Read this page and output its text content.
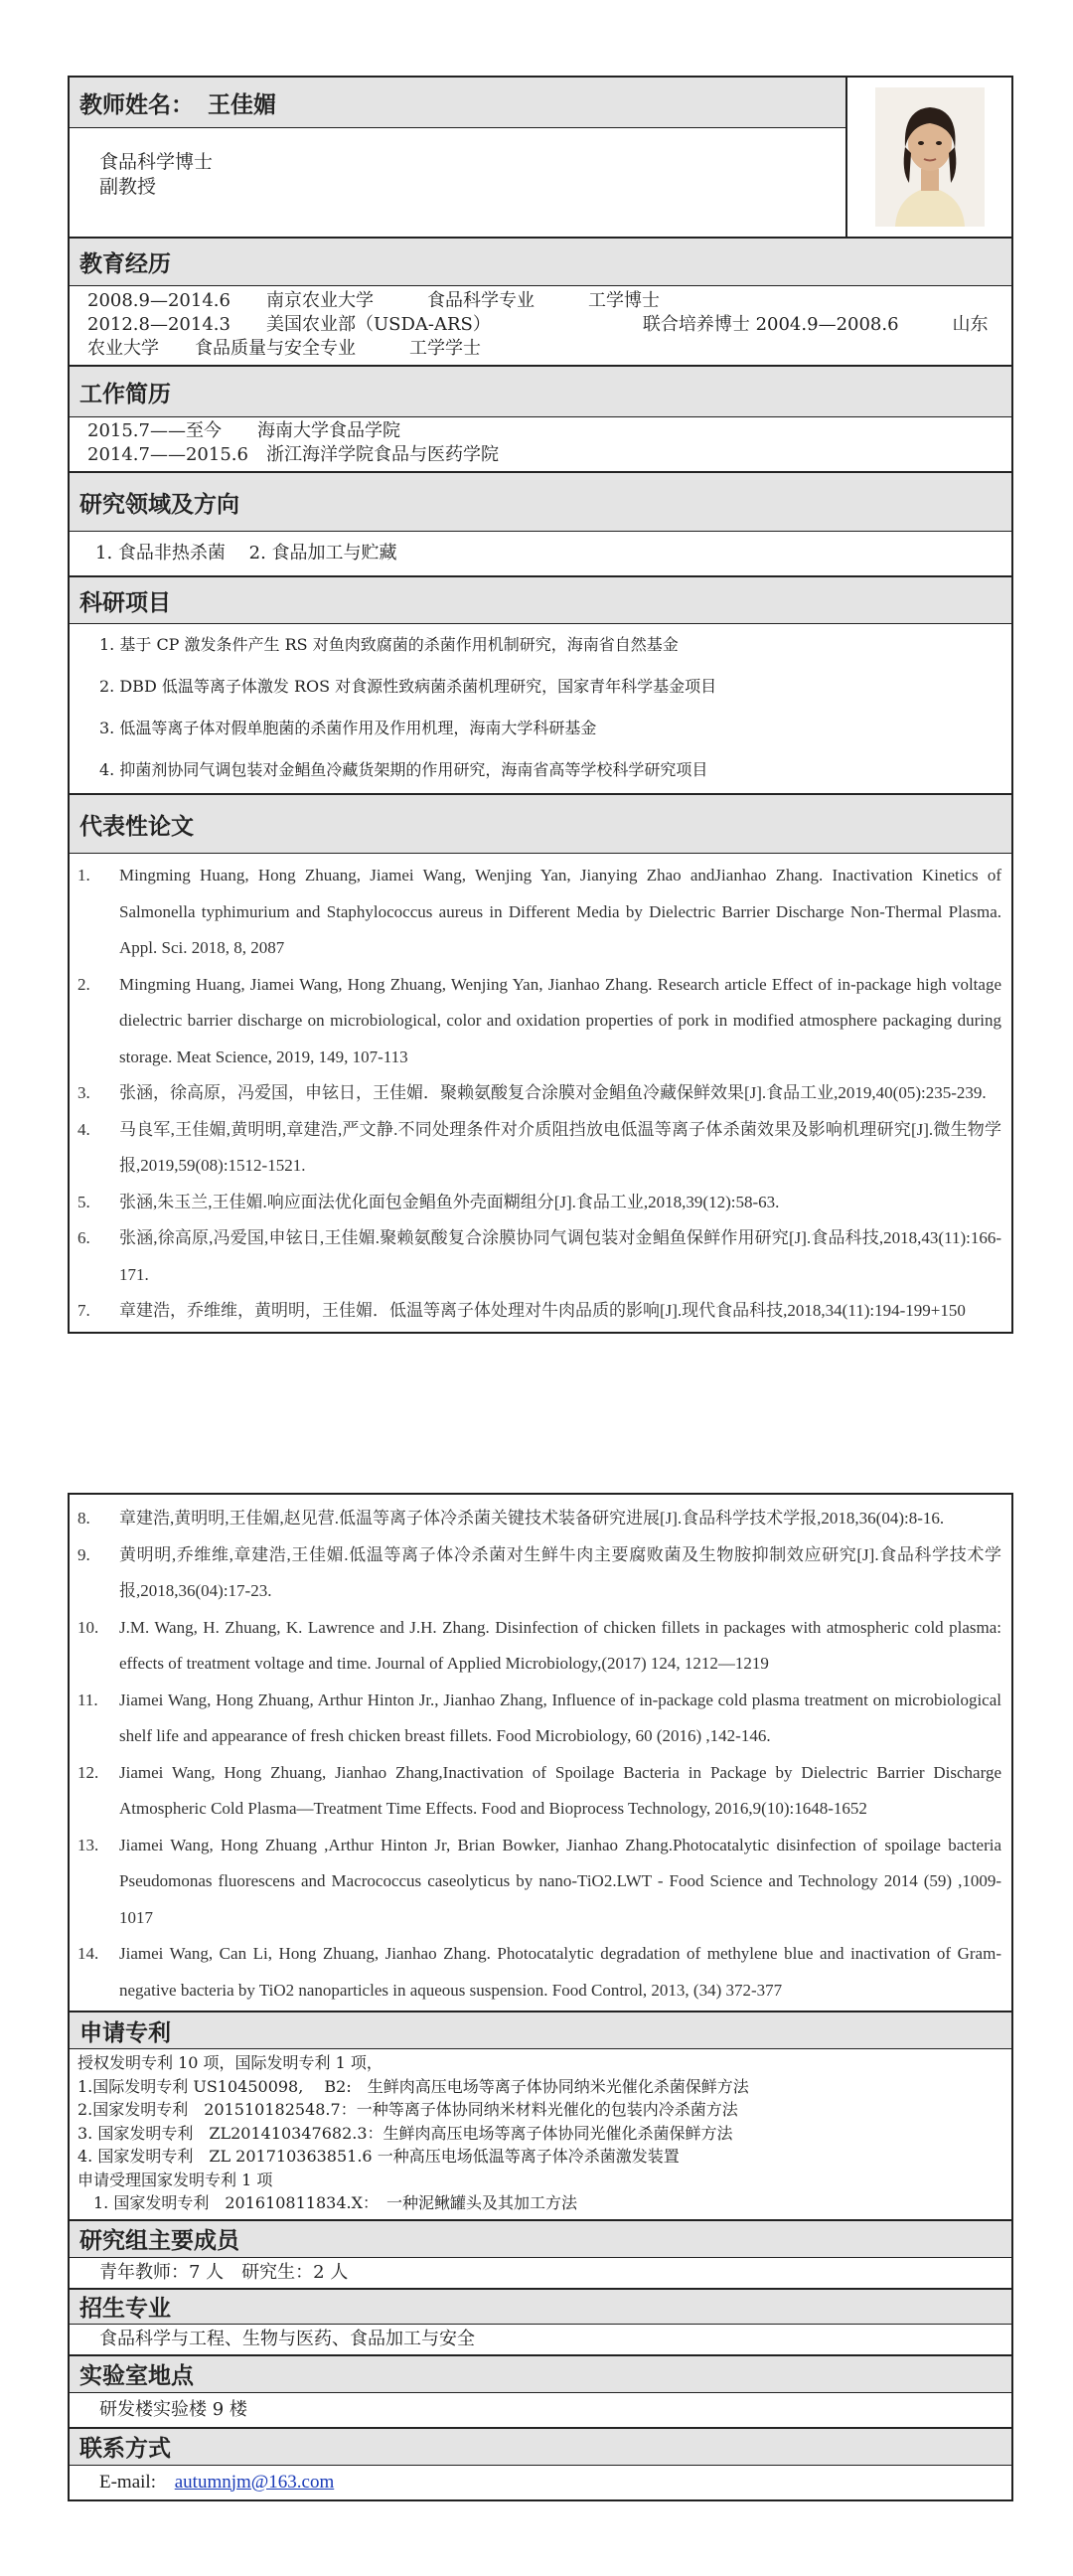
教师姓名： 王佳媚
食品科学博士
副教授
教育经历
2008.9—2014.6　　南京农业大学　　　食品科学专业　　　工学博士
2012.8—2014.3　　美国农业部（USDA-ARS）　　　　　　　　　联合培养博士 2004.9—2008.6　　　山东农业大学　　食品质量与安全专业　　　工学学士
工作简历
2015.7——至今　　海南大学食品学院
2014.7——2015.6　浙江海洋学院食品与医药学院
研究领域及方向
1. 食品非热杀菌　 2. 食品加工与贮藏
科研项目
1. 基于 CP 激发条件产生 RS 对鱼肉致腐菌的杀菌作用机制研究，海南省自然基金
2. DBD 低温等离子体激发 ROS 对食源性致病菌杀菌机理研究，国家青年科学基金项目
3. 低温等离子体对假单胞菌的杀菌作用及作用机理，海南大学科研基金
4. 抑菌剂协同气调包装对金鲳鱼冷藏货架期的作用研究，海南省高等学校科学研究项目
代表性论文
1.	Mingming Huang, Hong Zhuang, Jiamei Wang, Wenjing Yan, Jianying Zhao andJianhao Zhang. Inactivation Kinetics of Salmonella typhimurium and Staphylococcus aureus in Different Media by Dielectric Barrier Discharge Non-Thermal Plasma. Appl. Sci. 2018, 8, 2087
2.	Mingming Huang, Jiamei Wang, Hong Zhuang, Wenjing Yan, Jianhao Zhang. Research article Effect of in-package high voltage dielectric barrier discharge on microbiological, color and oxidation properties of pork in modified atmosphere packaging during storage. Meat Science, 2019, 149, 107-113
3.	张涵，徐高原，冯爱国，申铉日，王佳媚．聚赖氨酸复合涂膜对金鲳鱼冷藏保鲜效果[J].食品工业,2019,40(05):235-239.
4.	马良军,王佳媚,黄明明,章建浩,严文静.不同处理条件对介质阻挡放电低温等离子体杀菌效果及影响机理研究[J].微生物学报,2019,59(08):1512-1521.
5.	张涵,朱玉兰,王佳媚.响应面法优化面包金鲳鱼外壳面糊组分[J].食品工业,2018,39(12):58-63.
6.	张涵,徐高原,冯爱国,申铉日,王佳媚.聚赖氨酸复合涂膜协同气调包装对金鲳鱼保鲜作用研究[J].食品科技,2018,43(11):166-171.
7.	章建浩，乔维维，黄明明，王佳媚．低温等离子体处理对牛肉品质的影响[J].现代食品科技,2018,34(11):194-199+150
8.	章建浩,黄明明,王佳媚,赵见营.低温等离子体冷杀菌关键技术装备研究进展[J].食品科学技术学报,2018,36(04):8-16.
9.	黄明明,乔维维,章建浩,王佳媚.低温等离子体冷杀菌对生鲜牛肉主要腐败菌及生物胺抑制效应研究[J].食品科学技术学报,2018,36(04):17-23.
10.	J.M. Wang, H. Zhuang, K. Lawrence and J.H. Zhang. Disinfection of chicken fillets in packages with atmospheric cold plasma: effects of treatment voltage and time. Journal of Applied Microbiology,(2017) 124, 1212—1219
11.	Jiamei Wang, Hong Zhuang, Arthur Hinton Jr., Jianhao Zhang, Influence of in-package cold plasma treatment on microbiological shelf life and appearance of fresh chicken breast fillets. Food Microbiology, 60 (2016) ,142-146.
12.	Jiamei Wang, Hong Zhuang, Jianhao Zhang,Inactivation of Spoilage Bacteria in Package by Dielectric Barrier Discharge Atmospheric Cold Plasma—Treatment Time Effects. Food and Bioprocess Technology, 2016,9(10):1648-1652
13.	Jiamei Wang, Hong Zhuang ,Arthur Hinton Jr, Brian Bowker, Jianhao Zhang.Photocatalytic disinfection of spoilage bacteria Pseudomonas fluorescens and Macrococcus caseolyticus by nano-TiO2.LWT - Food Science and Technology 2014 (59) ,1009-1017
14.	Jiamei Wang, Can Li, Hong Zhuang, Jianhao Zhang. Photocatalytic degradation of methylene blue and inactivation of Gram-negative bacteria by TiO2 nanoparticles in aqueous suspension. Food Control, 2013, (34) 372-377
申请专利
授权发明专利 10 项，国际发明专利 1 项，
1.国际发明专利 US10450098,　 B2:　生鲜肉高压电场等离子体协同纳米光催化杀菌保鲜方法
2.国家发明专利　201510182548.7：一种等离子体协同纳米材料光催化的包装内冷杀菌方法
3. 国家发明专利　ZL201410347682.3：生鲜肉高压电场等离子体协同光催化杀菌保鲜方法
4. 国家发明专利　ZL 201710363851.6 一种高压电场低温等离子体冷杀菌激发装置
申请受理国家发明专利 1 项
　1. 国家发明专利　201610811834.X：　一种泥鳅罐头及其加工方法
研究组主要成员
青年教师：7 人　研究生：2 人
招生专业
食品科学与工程、生物与医药、食品加工与安全
实验室地点
研发楼实验楼 9 楼
联系方式
E-mail: autumnjm@163.com
